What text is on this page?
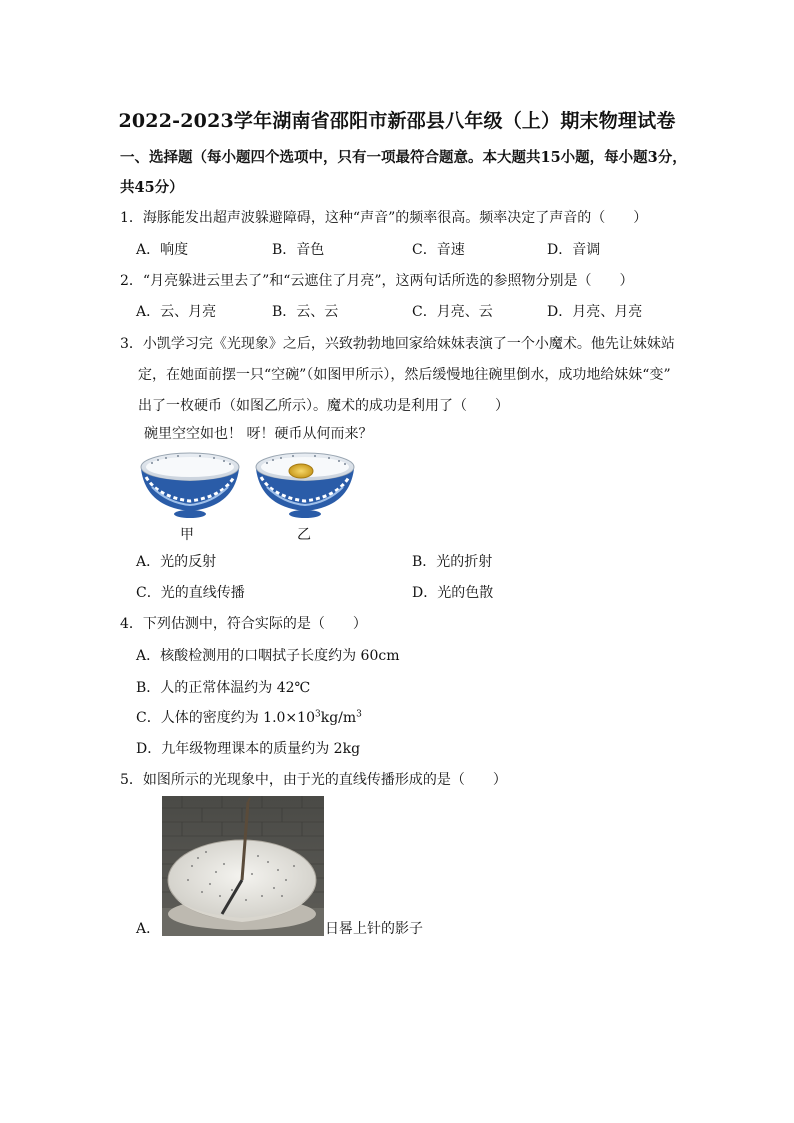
2022-2023学年湖南省邵阳市新邵县八年级（上）期末物理试卷
一、选择题（每小题四个选项中，只有一项最符合题意。本大题共15小题，每小题3分，
共45分）
1．海豚能发出超声波躲避障碍，这种“声音”的频率很高。频率决定了声音的（　　）
A．响度	B．音色	C．音速	D．音调
2．“月亮躲进云里去了”和“云遮住了月亮”，这两句话所选的参照物分别是（　　）
A．云、月亮	B．云、云	C．月亮、云	D．月亮、月亮
3．小凯学习完《光现象》之后，兴致勃勃地回家给妹妹表演了一个小魔术。他先让妹妹站
定，在她面前摆一只“空碗”（如图甲所示），然后缓慢地往碗里倒水，成功地给妹妹“变”
出了一枚硬币（如图乙所示）。魔术的成功是利用了（　　）
碗里空空如也！ 呀！硬币从何而来？
甲	乙
A．光的反射	B．光的折射
C．光的直线传播	D．光的色散
4．下列估测中，符合实际的是（　　）
A．核酸检测用的口咽拭子长度约为 60cm
B．人的正常体温约为 42℃
C．人体的密度约为 $1.0\times 10^3kg/m^3$
D．九年级物理课本的质量约为 2kg
5．如图所示的光现象中，由于光的直线传播形成的是（　　）
A．	日晷上针的影子
